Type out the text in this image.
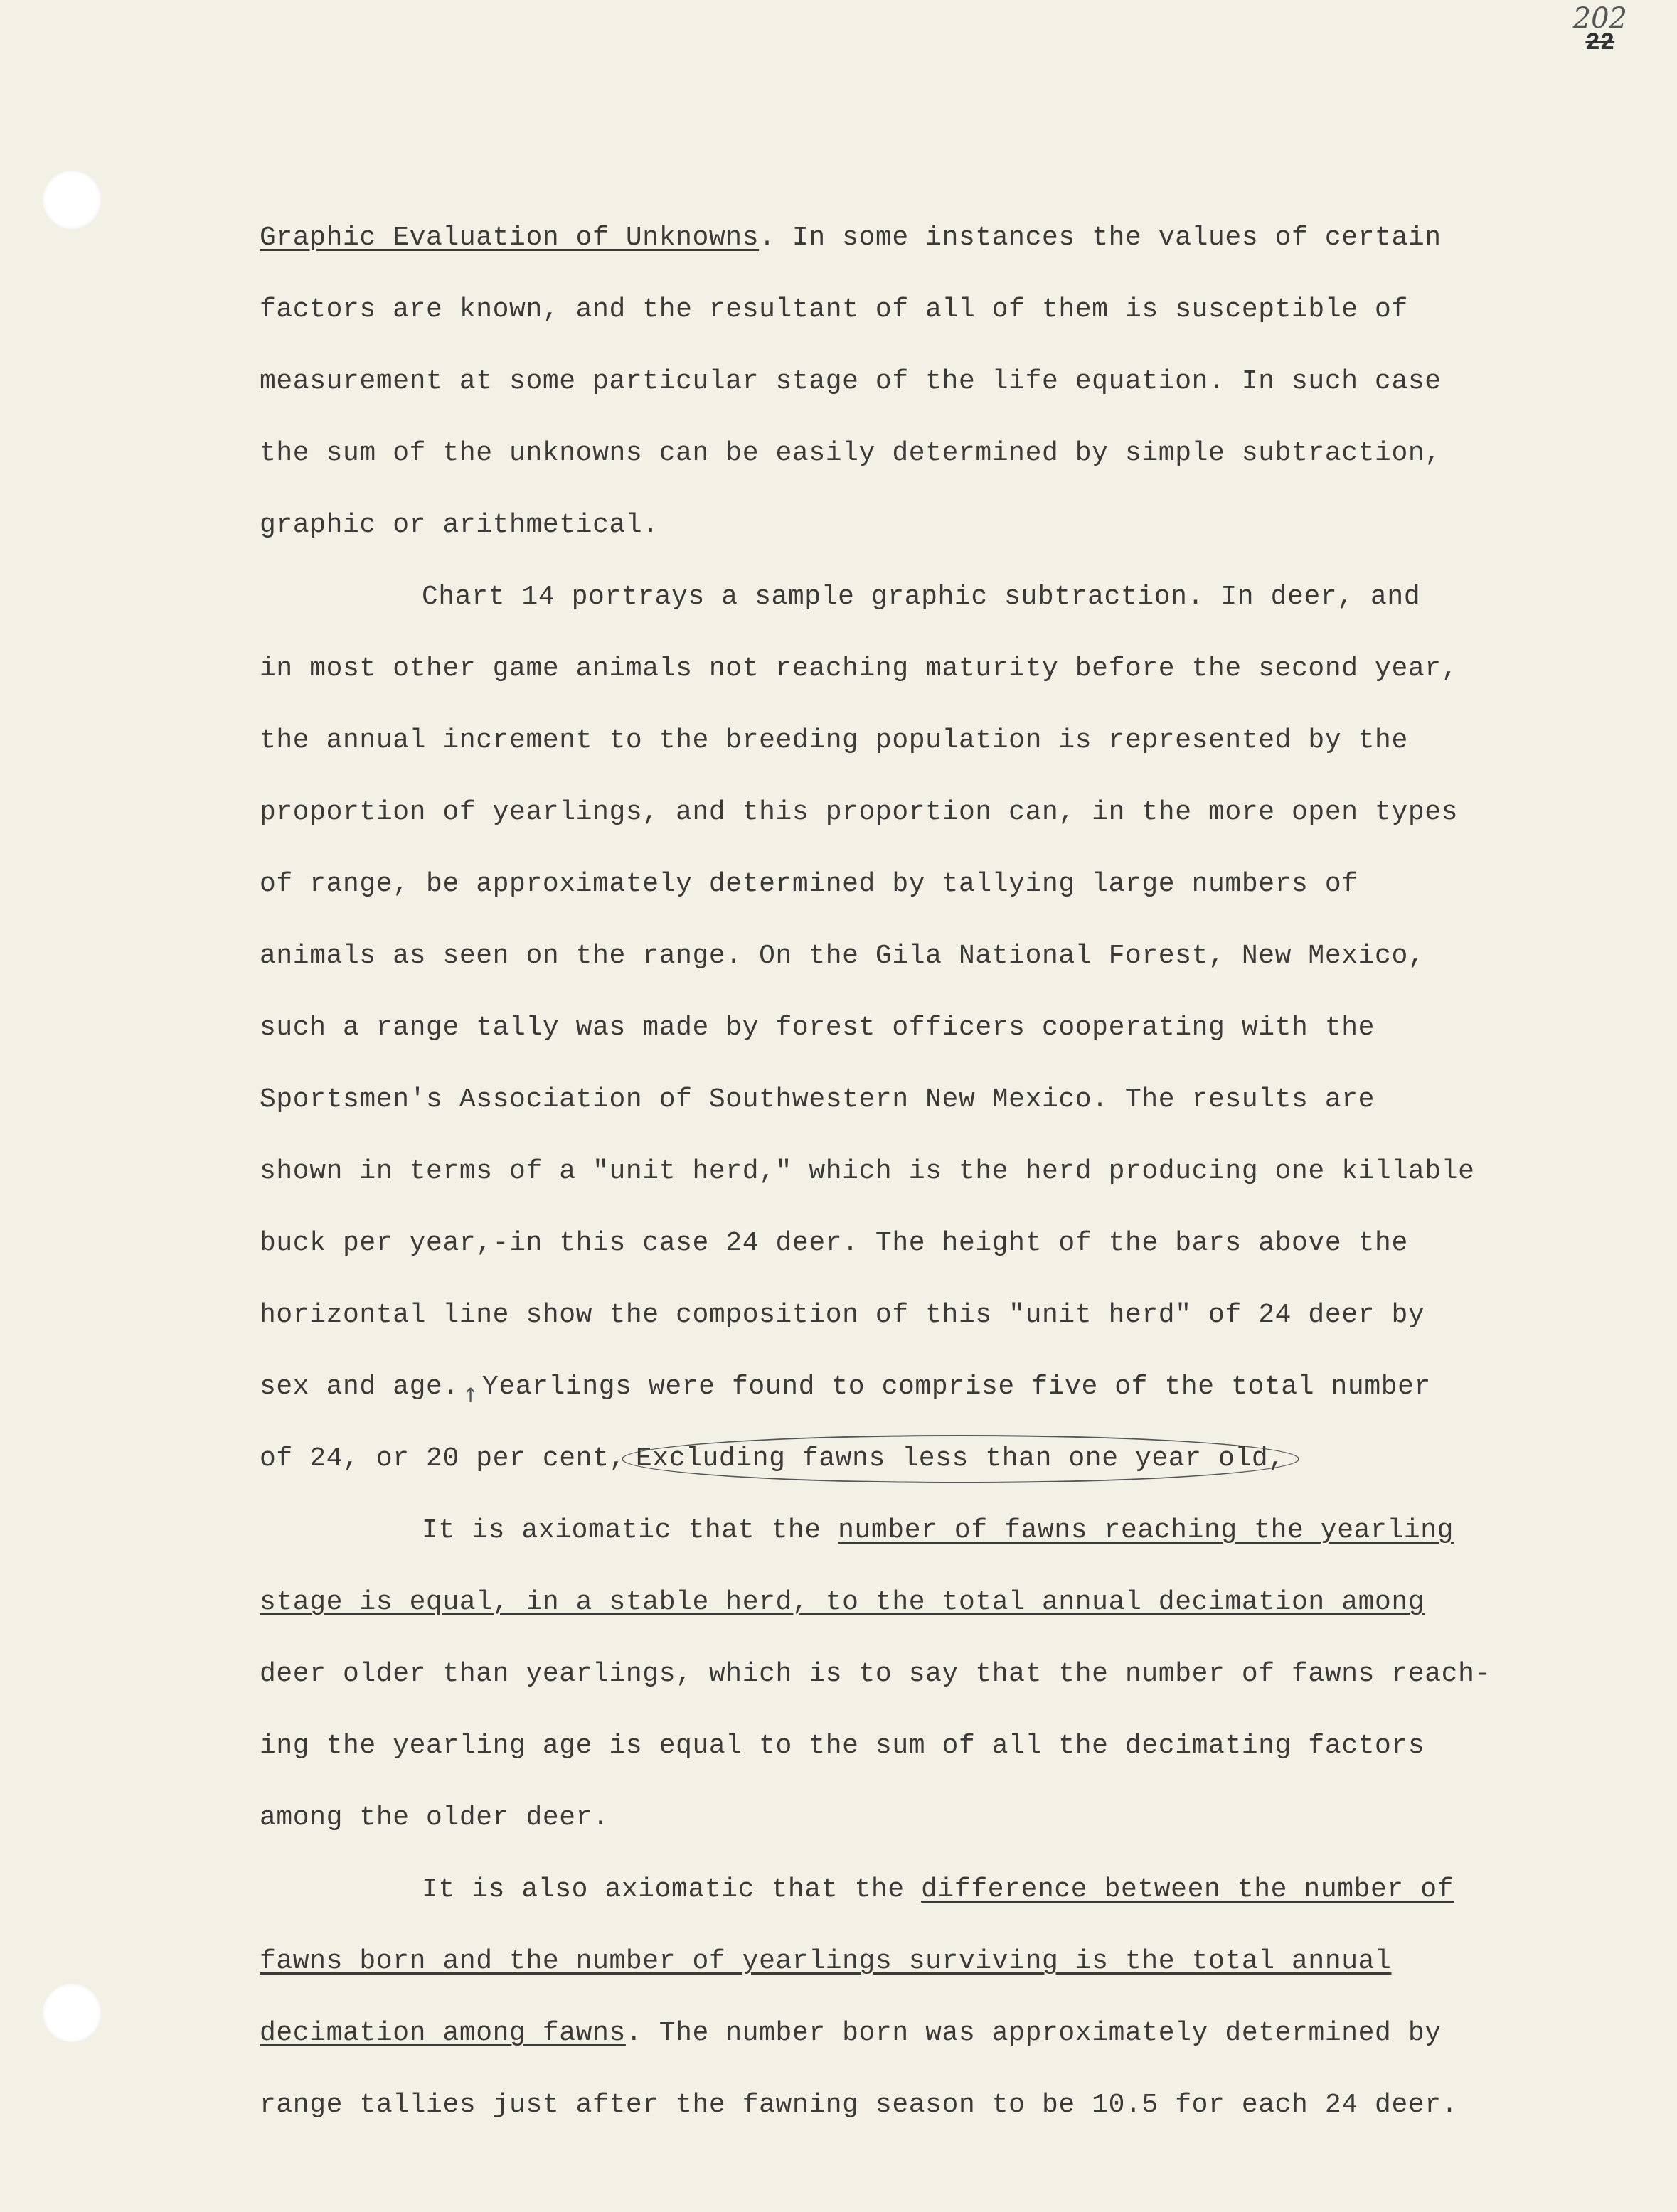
202
22
Graphic Evaluation of Unknowns. In some instances the values of certain
factors are known, and the resultant of all of them is susceptible of
measurement at some particular stage of the life equation. In such case
the sum of the unknowns can be easily determined by simple subtraction,
graphic or arithmetical.
Chart 14 portrays a sample graphic subtraction. In deer, and
in most other game animals not reaching maturity before the second year,
the annual increment to the breeding population is represented by the
proportion of yearlings, and this proportion can, in the more open types
of range, be approximately determined by tallying large numbers of
animals as seen on the range. On the Gila National Forest, New Mexico,
such a range tally was made by forest officers cooperating with the
Sportsmen's Association of Southwestern New Mexico. The results are
shown in terms of a "unit herd," which is the herd producing one killable
buck per year,-in this case 24 deer. The height of the bars above the
horizontal line show the composition of this "unit herd" of 24 deer by
sex and age. ↑ Yearlings were found to comprise five of the total number
of 24, or 20 per cent, Excluding fawns less than one year old,
It is axiomatic that the number of fawns reaching the yearling
stage is equal, in a stable herd, to the total annual decimation among
deer older than yearlings, which is to say that the number of fawns reach-
ing the yearling age is equal to the sum of all the decimating factors
among the older deer.
It is also axiomatic that the difference between the number of
fawns born and the number of yearlings surviving is the total annual
decimation among fawns. The number born was approximately determined by
range tallies just after the fawning season to be 10.5 for each 24 deer.
